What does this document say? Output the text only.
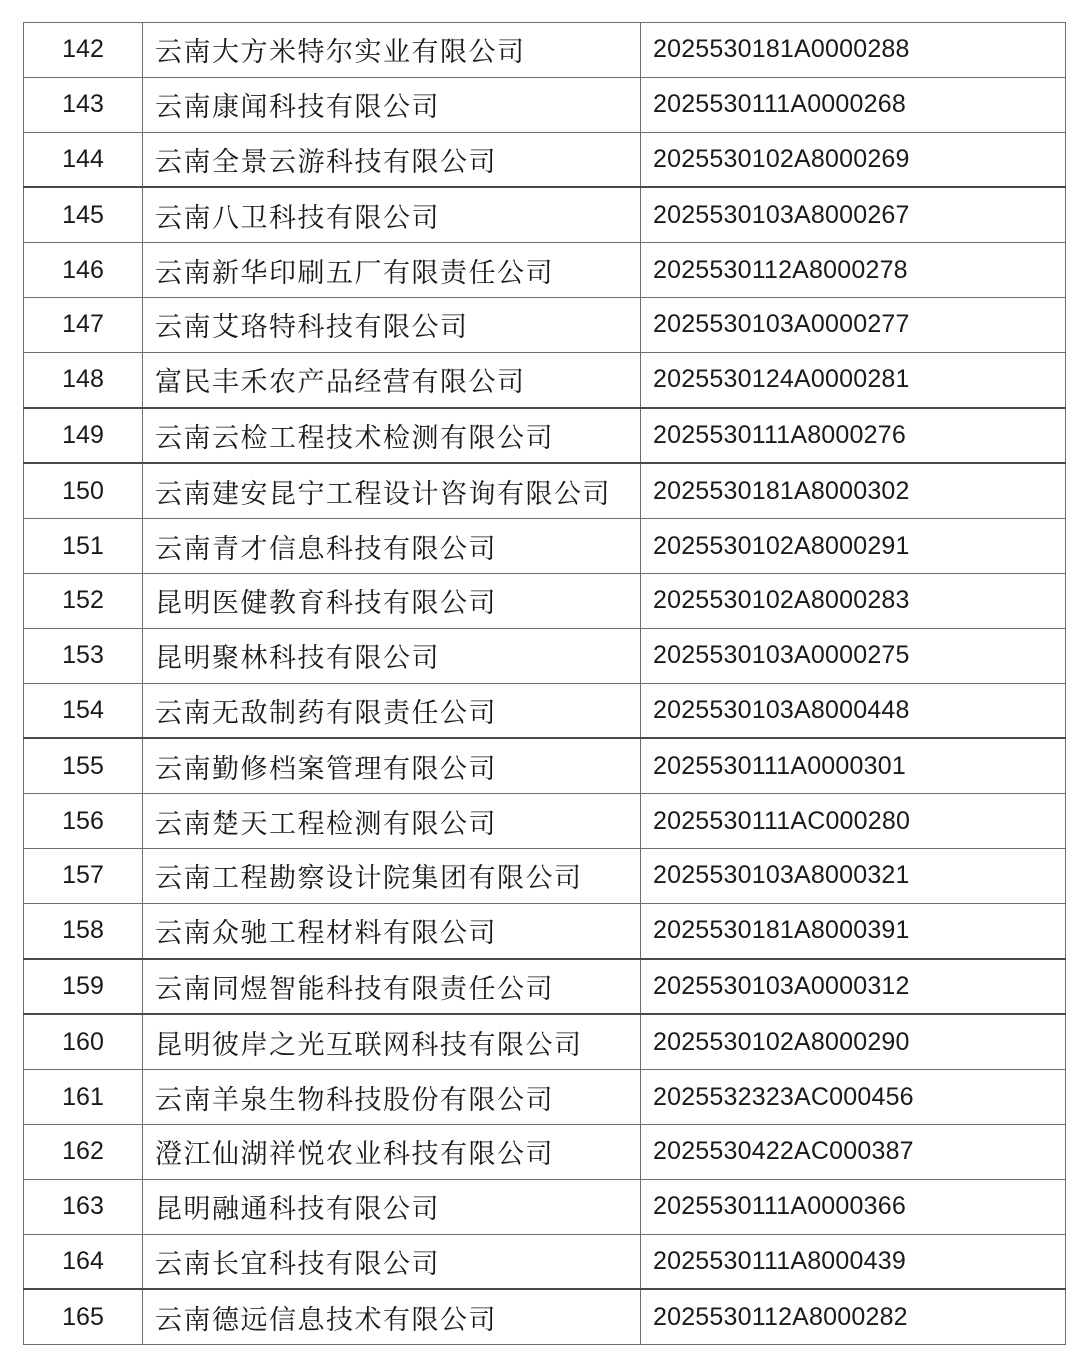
142	云南大方米特尔实业有限公司	2025530181A0000288
143	云南康闻科技有限公司	2025530111A0000268
144	云南全景云游科技有限公司	2025530102A8000269
145	云南八卫科技有限公司	2025530103A8000267
146	云南新华印刷五厂有限责任公司	2025530112A8000278
147	云南艾珞特科技有限公司	2025530103A0000277
148	富民丰禾农产品经营有限公司	2025530124A0000281
149	云南云检工程技术检测有限公司	2025530111A8000276
150	云南建安昆宁工程设计咨询有限公司	2025530181A8000302
151	云南青才信息科技有限公司	2025530102A8000291
152	昆明医健教育科技有限公司	2025530102A8000283
153	昆明聚林科技有限公司	2025530103A0000275
154	云南无敌制药有限责任公司	2025530103A8000448
155	云南勤修档案管理有限公司	2025530111A0000301
156	云南楚天工程检测有限公司	2025530111AC000280
157	云南工程勘察设计院集团有限公司	2025530103A8000321
158	云南众驰工程材料有限公司	2025530181A8000391
159	云南同煜智能科技有限责任公司	2025530103A0000312
160	昆明彼岸之光互联网科技有限公司	2025530102A8000290
161	云南羊泉生物科技股份有限公司	2025532323AC000456
162	澄江仙湖祥悦农业科技有限公司	2025530422AC000387
163	昆明融通科技有限公司	2025530111A0000366
164	云南长宜科技有限公司	2025530111A8000439
165	云南德远信息技术有限公司	2025530112A8000282
